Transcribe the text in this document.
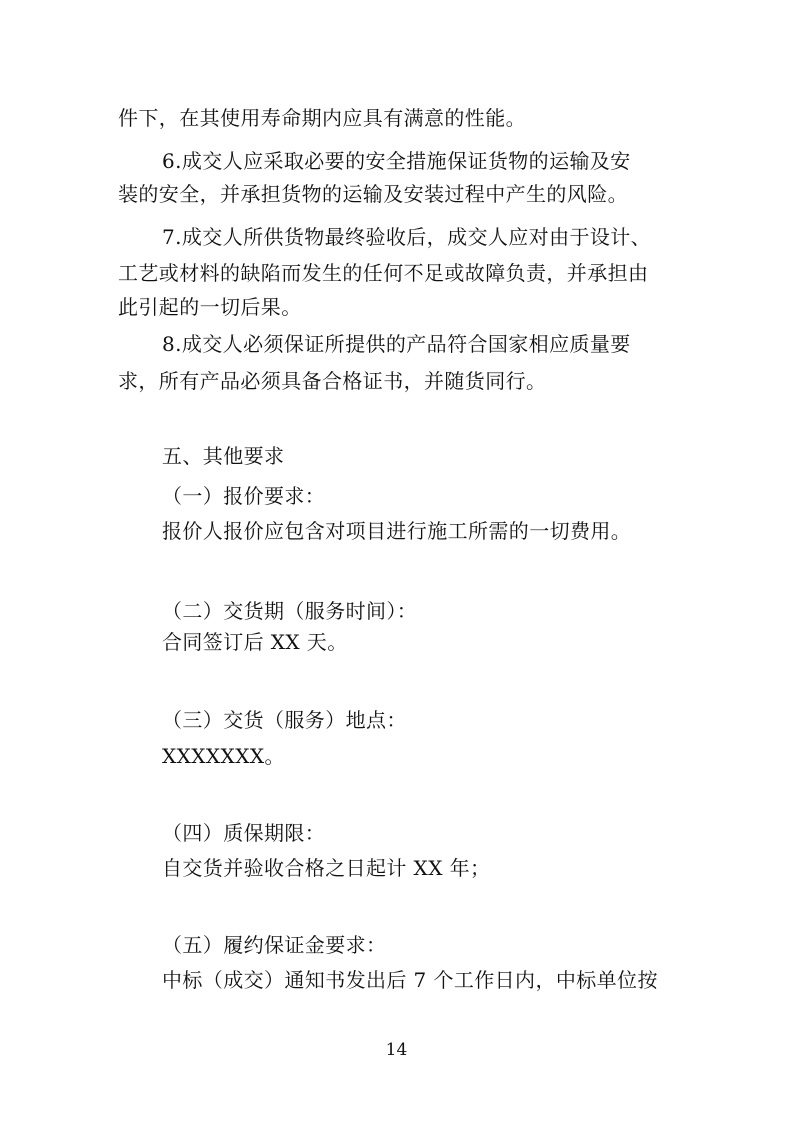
件下，在其使用寿命期内应具有满意的性能。
6.成交人应采取必要的安全措施保证货物的运输及安
装的安全，并承担货物的运输及安装过程中产生的风险。
7.成交人所供货物最终验收后，成交人应对由于设计、
工艺或材料的缺陷而发生的任何不足或故障负责，并承担由
此引起的一切后果。
8.成交人必须保证所提供的产品符合国家相应质量要
求，所有产品必须具备合格证书，并随货同行。
五、其他要求
（一）报价要求：
报价人报价应包含对项目进行施工所需的一切费用。
（二）交货期（服务时间）：
合同签订后 XX 天。
（三）交货（服务）地点：
XXXXXXX。
（四）质保期限：
自交货并验收合格之日起计 XX 年；
（五）履约保证金要求：
中标（成交）通知书发出后 7 个工作日内，中标单位按
14
